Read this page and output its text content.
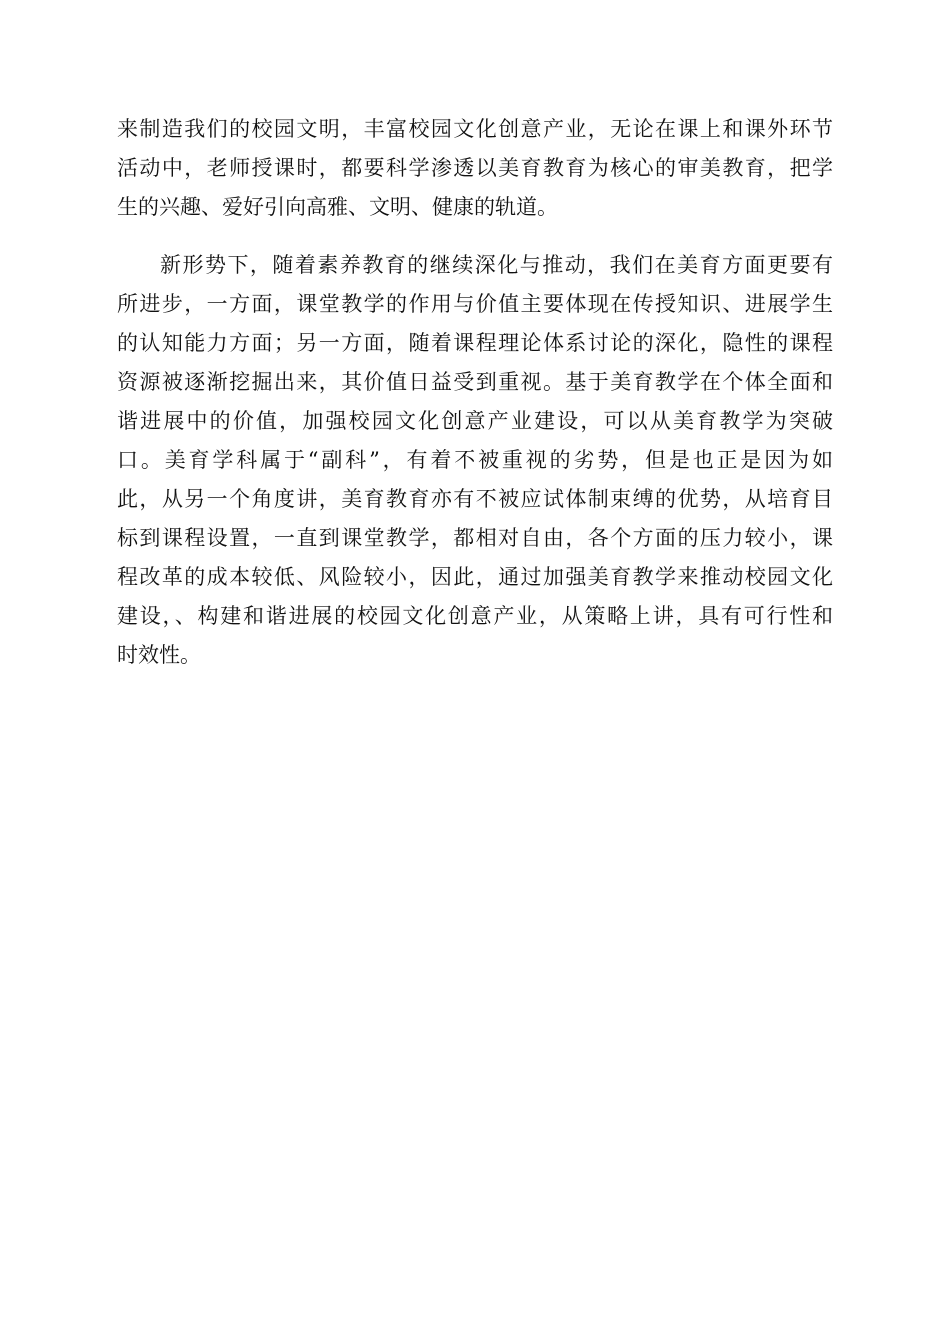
来制造我们的校园文明，丰富校园文化创意产业，无论在课上和课外环节
活动中，老师授课时，都要科学渗透以美育教育为核心的审美教育，把学
生的兴趣、爱好引向高雅、文明、健康的轨道。
新形势下，随着素养教育的继续深化与推动，我们在美育方面更要有
所进步，一方面，课堂教学的作用与价值主要体现在传授知识、进展学生
的认知能力方面；另一方面，随着课程理论体系讨论的深化，隐性的课程
资源被逐渐挖掘出来，其价值日益受到重视。基于美育教学在个体全面和
谐进展中的价值，加强校园文化创意产业建设，可以从美育教学为突破
口。美育学科属于“副科”，有着不被重视的劣势，但是也正是因为如
此，从另一个角度讲，美育教育亦有不被应试体制束缚的优势，从培育目
标到课程设置，一直到课堂教学，都相对自由，各个方面的压力较小，课
程改革的成本较低、风险较小，因此，通过加强美育教学来推动校园文化
建设，、构建和谐进展的校园文化创意产业，从策略上讲，具有可行性和
时效性。
